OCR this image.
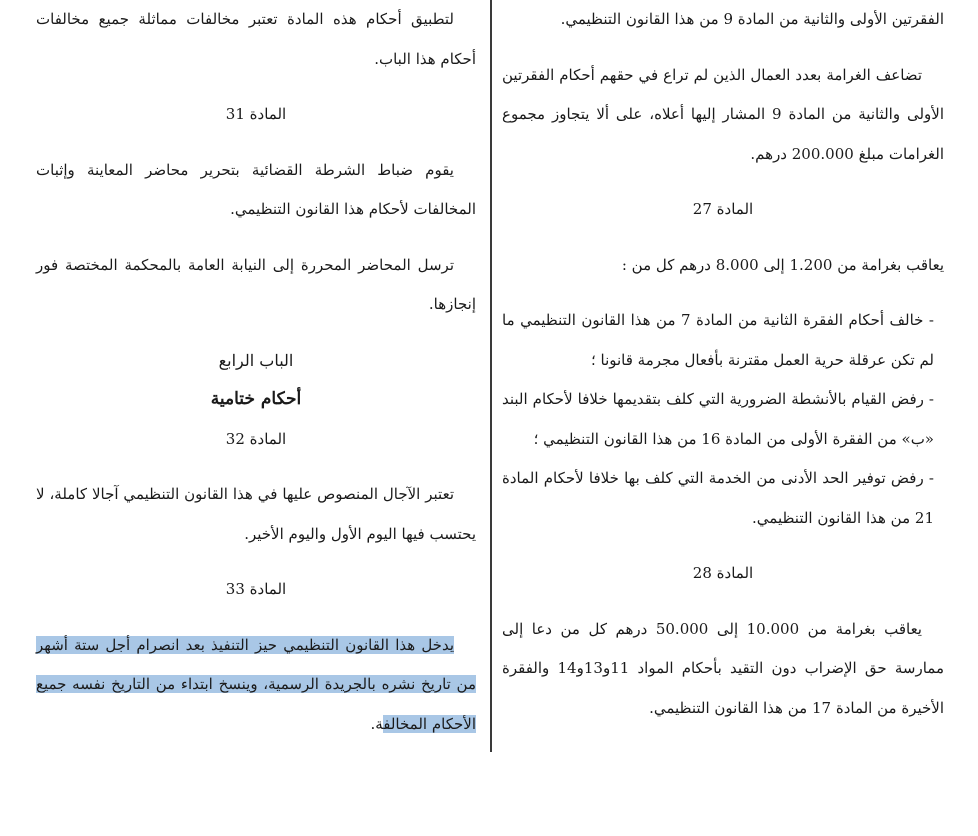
الفقرتين الأولى والثانية من المادة 9 من هذا القانون التنظيمي.

تضاعف الغرامة بعدد العمال الذين لم تراع في حقهم أحكام الفقرتين الأولى والثانية من المادة 9 المشار إليها أعلاه، على ألا يتجاوز مجموع الغرامات مبلغ 200.000 درهم.

المادة 27

يعاقب بغرامة من 1.200 إلى 8.000 درهم كل من :

- خالف أحكام الفقرة الثانية من المادة 7 من هذا القانون التنظيمي ما لم تكن عرقلة حرية العمل مقترنة بأفعال مجرمة قانونا ؛

- رفض القيام بالأنشطة الضرورية التي كلف بتقديمها خلافا لأحكام البند «ب» من الفقرة الأولى من المادة 16 من هذا القانون التنظيمي ؛

- رفض توفير الحد الأدنى من الخدمة التي كلف بها خلافا لأحكام المادة 21 من هذا القانون التنظيمي.

المادة 28

يعاقب بغرامة من 10.000 إلى 50.000 درهم كل من دعا إلى ممارسة حق الإضراب دون التقيد بأحكام المواد 11و13و14 والفقرة الأخيرة من المادة 17 من هذا القانون التنظيمي.

لتطبيق أحكام هذه المادة تعتبر مخالفات مماثلة جميع مخالفات أحكام هذا الباب.

المادة 31

يقوم ضباط الشرطة القضائية بتحرير محاضر المعاينة وإثبات المخالفات لأحكام هذا القانون التنظيمي.

ترسل المحاضر المحررة إلى النيابة العامة بالمحكمة المختصة فور إنجازها.

الباب الرابع

أحكام ختامية

المادة 32

تعتبر الآجال المنصوص عليها في هذا القانون التنظيمي آجالا كاملة، لا يحتسب فيها اليوم الأول واليوم الأخير.

المادة 33

يدخل هذا القانون التنظيمي حيز التنفيذ بعد انصرام أجل ستة أشهر من تاريخ نشره بالجريدة الرسمية، وينسخ ابتداء من التاريخ نفسه جميع الأحكام المخالفة.
